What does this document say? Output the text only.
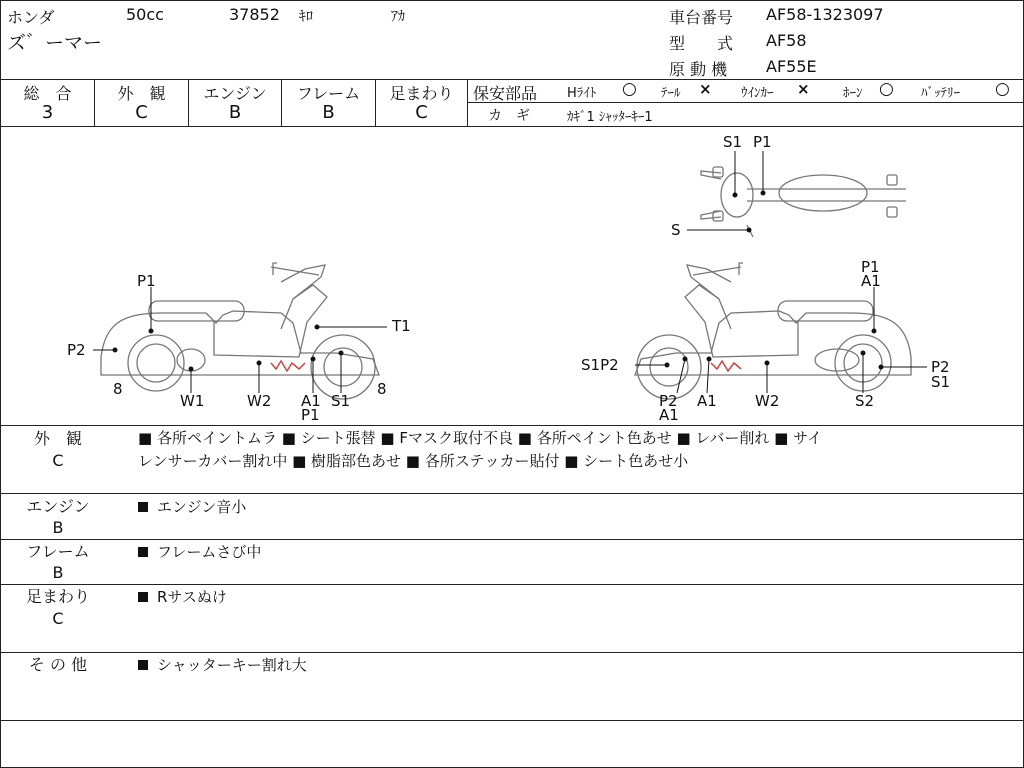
ホンダ	50cc	37852 ｷﾛ	ｱｶ
ズ゛ーマー
車台番号 AF58-1323097
型　　式 AF58
原 動 機 AF55E
総　合
3
外　観
C
エンジン
B
フレーム
B
足まわり
C
保安部品 Hﾗｲﾄ ○ ﾃｰﾙ × ｳｲﾝｶｰ ×	ﾎｰﾝ ○ ﾊﾞｯﾃﾘｰ ○
カ　ギ	ｶｷﾞ1 ｼｬｯﾀｰｷｰ1
P1
P2
8
T1
8
W1	W2 A1
P1
S1
P1
A1
S1P2
P2
A1
A1	W2	S2
P2
S1
S1 P1
S
外　観
C
■ 各所ペイントムラ ■ シート張替 ■ Fマスク取付不良 ■ 各所ペイント色あせ ■ レバー削れ ■ サイ
レンサーカバー割れ中 ■ 樹脂部色あせ ■ 各所ステッカー貼付 ■ シート色あせ小
エンジン
B
エンジン音小
フレーム
B
フレームさび中
足まわり
C
Rサスぬけ
そ の 他	シャッターキー割れ大
